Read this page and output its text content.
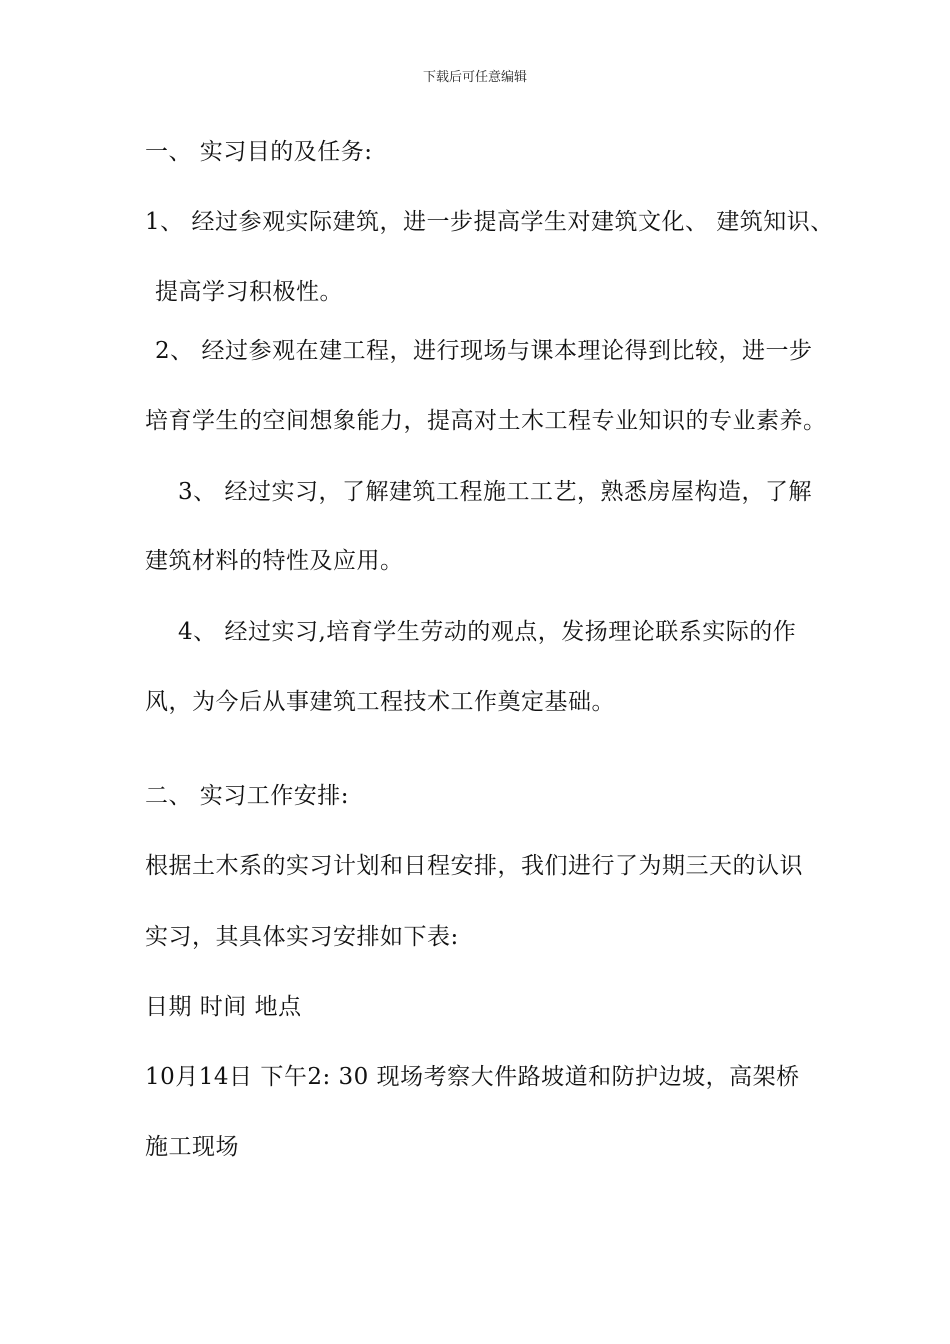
下载后可任意编辑
一、 实习目的及任务:
1、 经过参观实际建筑，进一步提高学生对建筑文化、 建筑知识、
提高学习积极性。
2、 经过参观在建工程，进行现场与课本理论得到比较，进一步
培育学生的空间想象能力，提高对土木工程专业知识的专业素养。
3、 经过实习，了解建筑工程施工工艺，熟悉房屋构造，了解
建筑材料的特性及应用。
4、 经过实习,培育学生劳动的观点，发扬理论联系实际的作
风，为今后从事建筑工程技术工作奠定基础。
二、 实习工作安排:
根据土木系的实习计划和日程安排，我们进行了为期三天的认识
实习，其具体实习安排如下表:
日期 时间 地点
10月14日 下午2: 30 现场考察大件路坡道和防护边坡，高架桥
施工现场
